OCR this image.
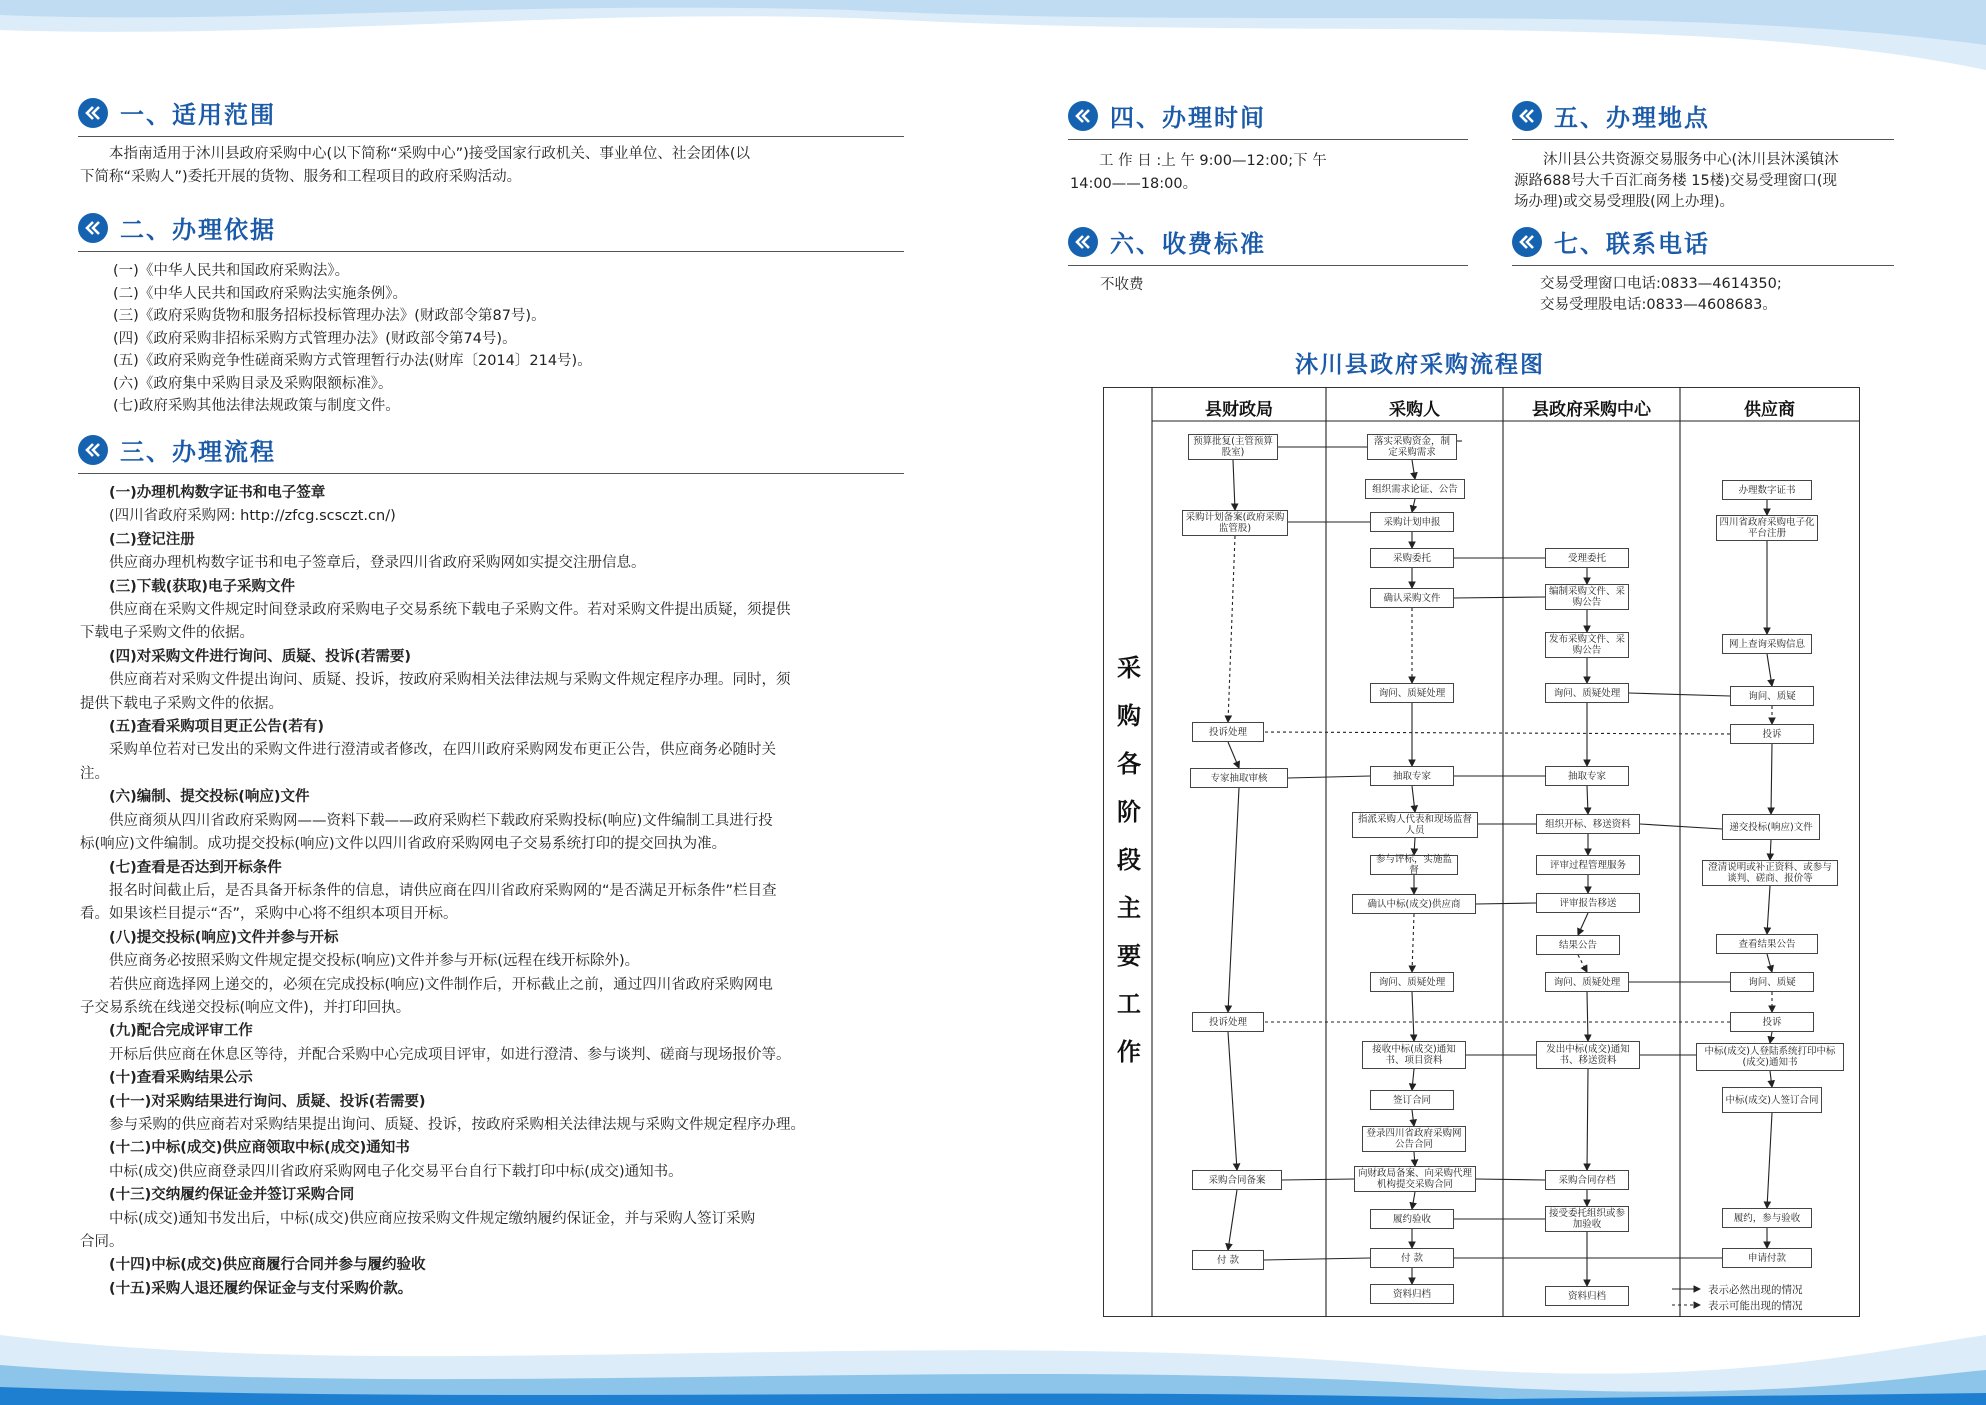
一、适用范围

本指南适用于沐川县政府采购中心(以下简称“采购中心”)接受国家行政机关、事业单位、社会团体(以

下简称“采购人”)委托开展的货物、服务和工程项目的政府采购活动。

二、办理依据

(一)《中华人民共和国政府采购法》。

(二)《中华人民共和国政府采购法实施条例》。

(三)《政府采购货物和服务招标投标管理办法》(财政部令第87号)。

(四)《政府采购非招标采购方式管理办法》(财政部令第74号)。

(五)《政府采购竞争性磋商采购方式管理暂行办法(财库〔2014〕214号)。

(六)《政府集中采购目录及采购限额标准》。

(七)政府采购其他法律法规政策与制度文件。

三、办理流程

(一)办理机构数字证书和电子签章

(四川省政府采购网: http://zfcg.scsczt.cn/)

(二)登记注册

供应商办理机构数字证书和电子签章后，登录四川省政府采购网如实提交注册信息。

(三)下载(获取)电子采购文件

供应商在采购文件规定时间登录政府采购电子交易系统下载电子采购文件。若对采购文件提出质疑，须提供

下载电子采购文件的依据。

(四)对采购文件进行询问、质疑、投诉(若需要)

供应商若对采购文件提出询问、质疑、投诉，按政府采购相关法律法规与采购文件规定程序办理。同时，须

提供下载电子采购文件的依据。

(五)查看采购项目更正公告(若有)

采购单位若对已发出的采购文件进行澄清或者修改，在四川政府采购网发布更正公告，供应商务必随时关

注。

(六)编制、提交投标(响应)文件

供应商须从四川省政府采购网——资料下载——政府采购栏下载政府采购投标(响应)文件编制工具进行投

标(响应)文件编制。成功提交投标(响应)文件以四川省政府采购网电子交易系统打印的提交回执为准。

(七)查看是否达到开标条件

报名时间截止后，是否具备开标条件的信息，请供应商在四川省政府采购网的“是否满足开标条件”栏目查

看。如果该栏目提示“否”，采购中心将不组织本项目开标。

(八)提交投标(响应)文件并参与开标

供应商务必按照采购文件规定提交投标(响应)文件并参与开标(远程在线开标除外)。

若供应商选择网上递交的，必须在完成投标(响应)文件制作后，开标截止之前，通过四川省政府采购网电

子交易系统在线递交投标(响应文件)，并打印回执。

(九)配合完成评审工作

开标后供应商在休息区等待，并配合采购中心完成项目评审，如进行澄清、参与谈判、磋商与现场报价等。

(十)查看采购结果公示

(十一)对采购结果进行询问、质疑、投诉(若需要)

参与采购的供应商若对采购结果提出询问、质疑、投诉，按政府采购相关法律法规与采购文件规定程序办理。

(十二)中标(成交)供应商领取中标(成交)通知书

中标(成交)供应商登录四川省政府采购网电子化交易平台自行下载打印中标(成交)通知书。

(十三)交纳履约保证金并签订采购合同

中标(成交)通知书发出后，中标(成交)供应商应按采购文件规定缴纳履约保证金，并与采购人签订采购

合同。

(十四)中标(成交)供应商履行合同并参与履约验收

(十五)采购人退还履约保证金与支付采购价款。

四、办理时间

工 作 日 :上 午 9:00—12:00;下 午

14:00——18:00。

五、办理地点

沐川县公共资源交易服务中心(沐川县沐溪镇沐

源路688号大千百汇商务楼 15楼)交易受理窗口(现

场办理)或交易受理股(网上办理)。

六、收费标准

不收费

七、联系电话

交易受理窗口电话:0833—4614350;

交易受理股电话:0833—4608683。

沐川县政府采购流程图
县财政局	采购人	县政府采购中心	供应商
采
购
各
阶
段
主
要
工
作
预算批复(主管预算股室)
采购计划备案(政府采购监管股)
投诉处理
专家抽取审核
投诉处理
采购合同备案
付 款
落实采购资金，制定采购需求
组织需求论证、公告
采购计划申报
采购委托
确认采购文件
询问、质疑处理
抽取专家
指派采购人代表和现场监督人员
参与评标，实施监督
确认中标(成交)供应商
询问、质疑处理
接收中标(成交)通知书、项目资料
签订合同
登录四川省政府采购网公告合同
向财政局备案、向采购代理机构提交采购合同
履约验收
付 款
资料归档
受理委托
编制采购文件、采购公告
发布采购文件、采购公告
询问、质疑处理
抽取专家
组织开标、移送资料
评审过程管理服务
评审报告移送
结果公告
询问、质疑处理
发出中标(成交)通知书、移送资料
采购合同存档
接受委托组织或参加验收
资料归档
办理数字证书
四川省政府采购电子化平台注册
网上查询采购信息
询问、质疑
投诉
递交投标(响应)文件
澄清说明或补正资料、或参与谈判、磋商、报价等
查看结果公告
询问、质疑
投诉
中标(成交)人登陆系统打印中标(成交)通知书
中标(成交)人签订合同
履约，参与验收
申请付款
表示必然出现的情况
表示可能出现的情况
